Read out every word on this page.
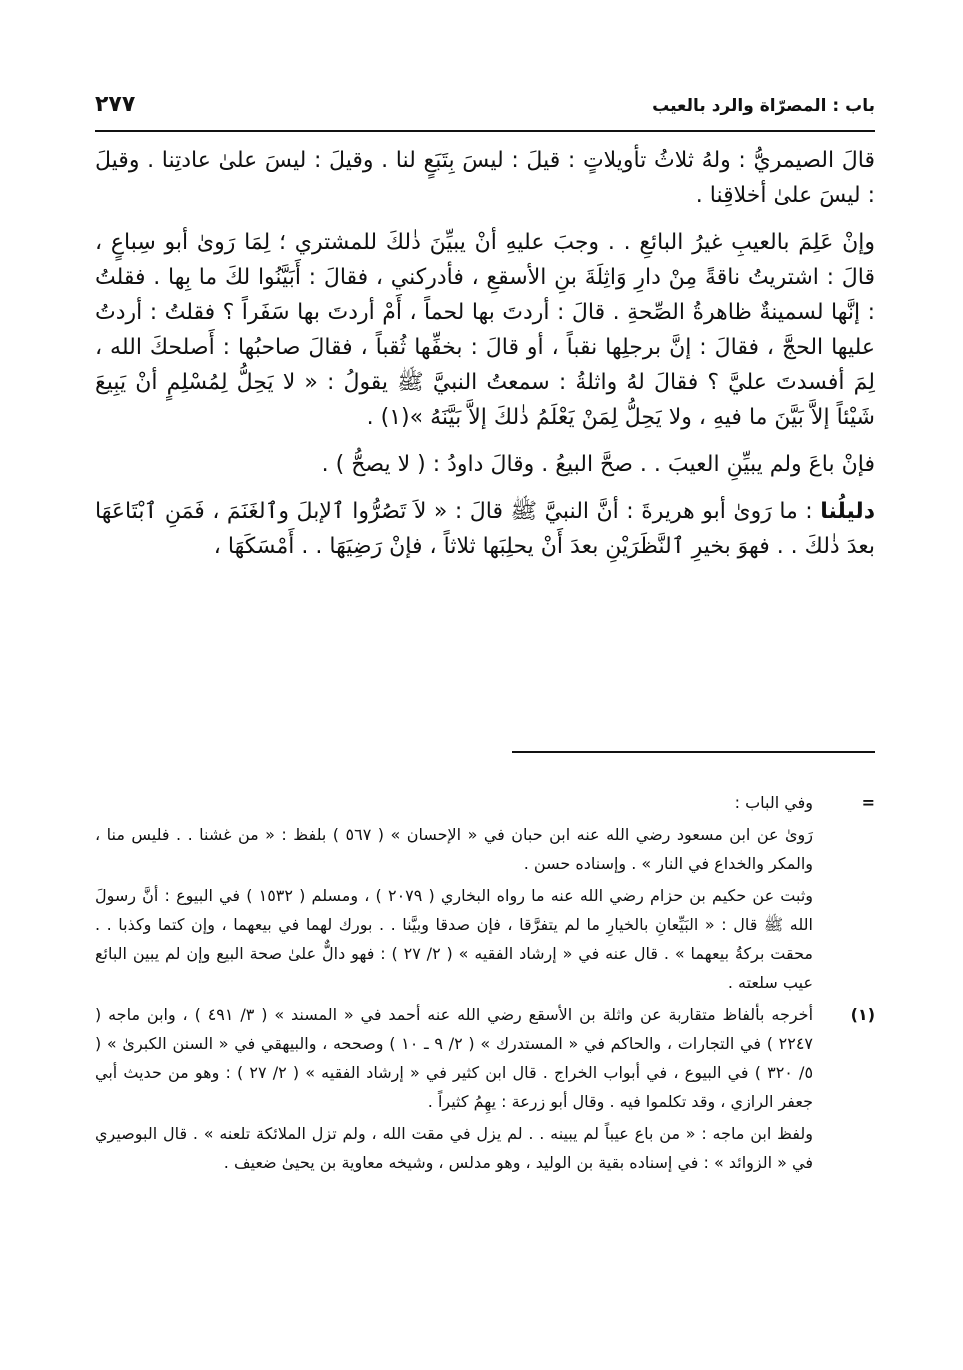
باب : المصرّاة والرد بالعيب
٢٧٧

قالَ الصيمريُّ : ولهُ ثلاثُ تأويلاتٍ : قيلَ : ليسَ بِتَبَعٍ لنا . وقيلَ : ليسَ علىٰ عادتِنا . وقيلَ : ليسَ علىٰ أخلاقِنا .

وإنْ عَلِمَ بالعيبِ غيرُ البائعِ . . وجبَ عليهِ أنْ يبيِّنَ ذٰلكَ للمشتري ؛ لِمَا رَوىٰ أبو سِباعٍ ، قالَ : اشتريتُ ناقةً مِنْ دارِ وَاثِلَةَ بنِ الأسقعِ ، فأدركني ، فقالَ : أَبَيَّنُوا لكَ ما بِها . فقلتُ : إنَّها لسمينةٌ ظاهرةُ الصِّحةِ . قالَ : أردتَ بها لحماً ، أَمْ أردتَ بها سَفَراً ؟ فقلتُ : أردتُ عليها الحجَّ ، فقالَ : إنَّ برجلِها نقباً ، أو قالَ : بخفِّها ثُقباً ، فقالَ صاحبُها : أَصلحكَ الله ، لِمَ أفسدتَ عليَّ ؟ فقالَ لهُ واثلةُ : سمعتُ النبيَّ ﷺ يقولُ : « لا يَحِلُّ لِمُسْلِمٍ أنْ يَبِيعَ شَيْئاً إلاَّ بَيَّنَ ما فيهِ ، ولا يَحِلُّ لِمَنْ يَعْلَمُ ذٰلكَ إلاَّ بَيَّنَهُ »(١) .

فإنْ باعَ ولم يبيِّنِ العيبَ . . صحَّ البيعُ . وقالَ داودُ : ( لا يصحُّ ) .

دليلُنا : ما رَوىٰ أبو هريرةَ : أنَّ النبيَّ ﷺ قالَ : « لاَ تَصُرُّوا ٱلإبلَ وٱلغَنَمَ ، فَمَنِ ٱبْتَاعَهَا بعدَ ذٰلكَ . . فهوَ بخيرِ ٱلنَّظَرَيْنِ بعدَ أَنْ يحلِبَها ثلاثاً ، فإنْ رَضِيَهَا . . أَمْسَكَهَا ،

=

وفي الباب :

رَوىٰ عن ابن مسعود رضي الله عنه ابن حبان في « الإحسان » ( ٥٦٧ ) بلفظ : « من غشنا . . فليس منا ، والمكر والخداع في النار » . وإسناده حسن .

وثبت عن حكيم بن حزام رضي الله عنه ما رواه البخاري ( ٢٠٧٩ ) ، ومسلم ( ١٥٣٢ ) في البيوع : أنَّ رسولَ الله ﷺ قال : « البَيِّعانِ بالخيارِ ما لم يتفرَّقا ، فإن صدقا وبيَّنا . . بورك لهما في بيعهما ، وإن كتما وكذبا . . محقت بركةُ بيعهما » . قال عنه في « إرشاد الفقيه » ( ٢/ ٢٧ ) : فهو دالٌّ علىٰ صحة البيع وإن لم يبين البائع عيب سلعته .

(١)

أخرجه بألفاظ متقاربة عن واثلة بن الأسقع رضي الله عنه أحمد في « المسند » ( ٣/ ٤٩١ ) ، وابن ماجه ( ٢٢٤٧ ) في التجارات ، والحاكم في « المستدرك » ( ٢/ ٩ ـ ١٠ ) وصححه ، والبيهقي في « السنن الكبرىٰ » ( ٥/ ٣٢٠ ) في البيوع ، في أبواب الخراج . قال ابن كثير في « إرشاد الفقيه » ( ٢/ ٢٧ ) : وهو من حديث أبي جعفر الرازي ، وقد تكلموا فيه . وقال أبو زرعة : يهِمُ كثيراً .

ولفظ ابن ماجه : « من باع عيباً لم يبينه . . لم يزل في مقت الله ، ولم تزل الملائكة تلعنه » . قال البوصيري في « الزوائد » : في إسناده بقية بن الوليد ، وهو مدلس ، وشيخه معاوية بن يحيىٰ ضعيف .
